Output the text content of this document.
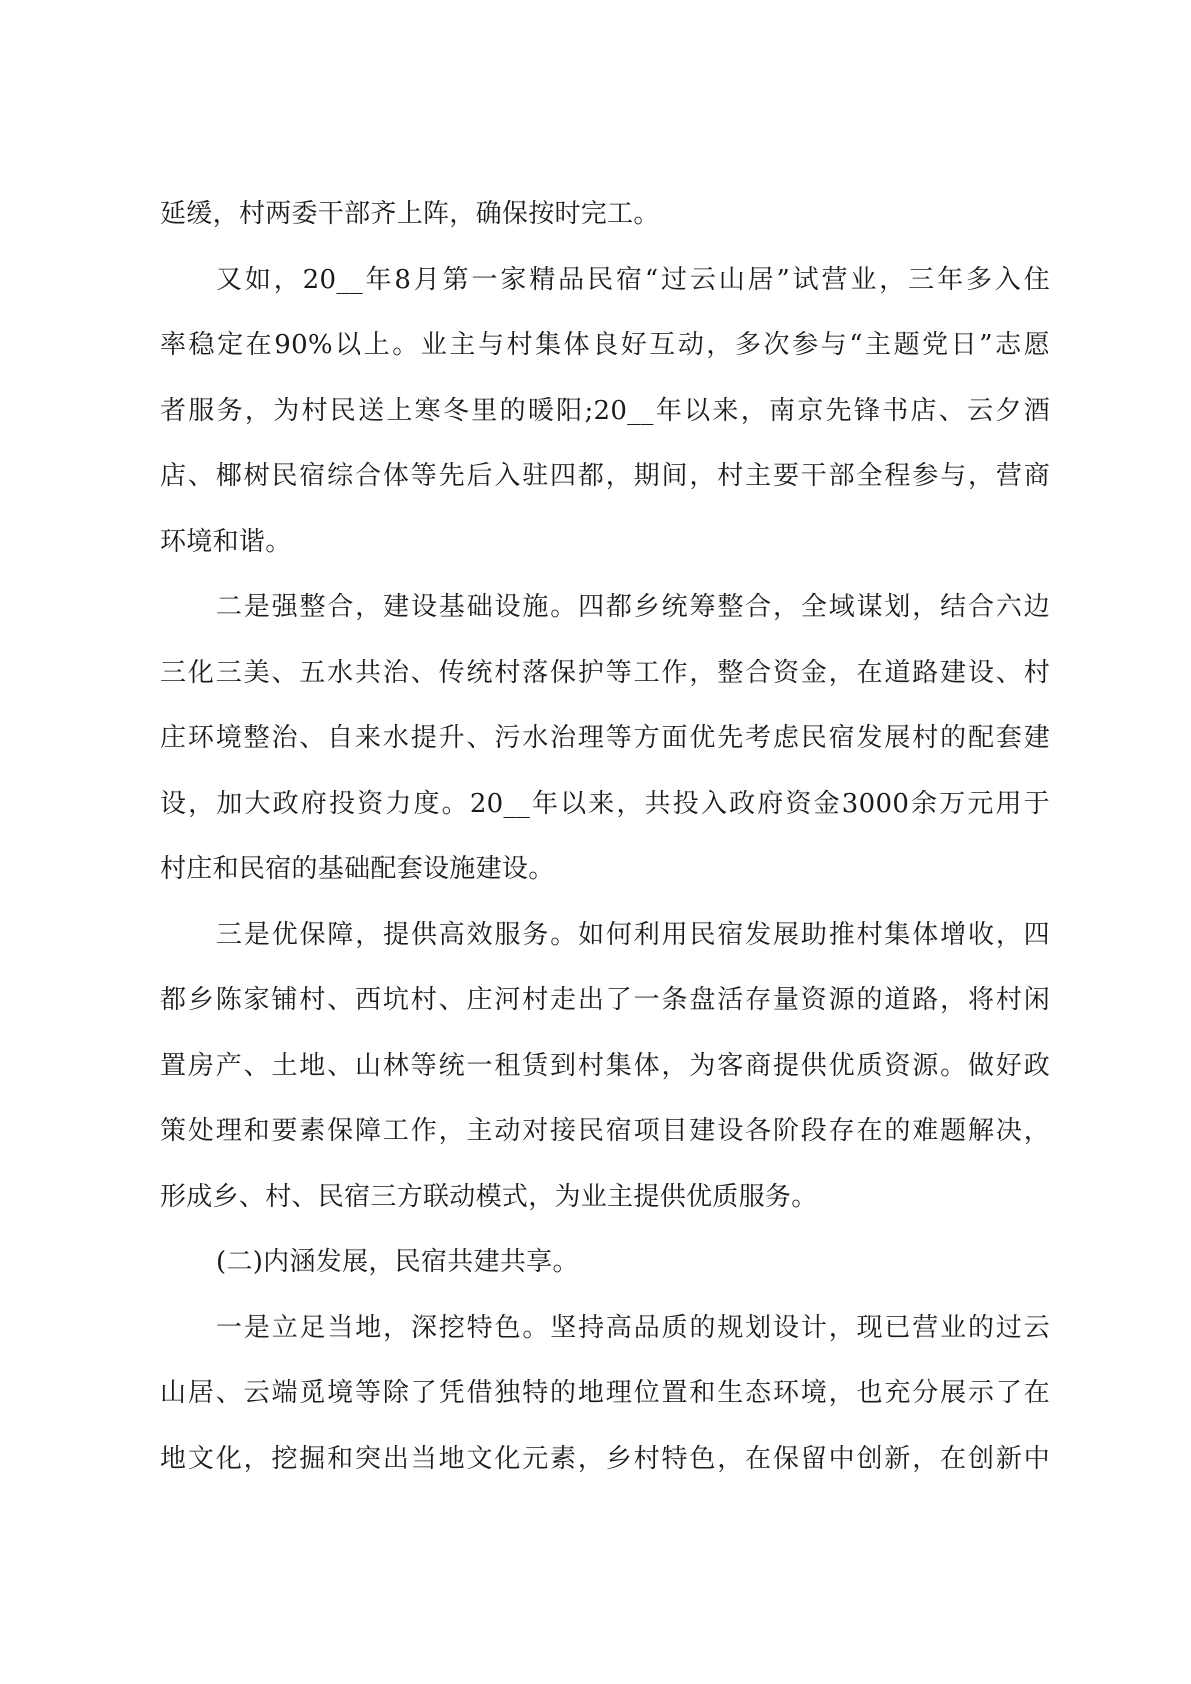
延缓，村两委干部齐上阵，确保按时完工。
又如，20__年8月第一家精品民宿“过云山居”试营业，三年多入住
率稳定在90%以上。业主与村集体良好互动，多次参与“主题党日”志愿
者服务，为村民送上寒冬里的暖阳;20__年以来，南京先锋书店、云夕酒
店、椰树民宿综合体等先后入驻四都，期间，村主要干部全程参与，营商
环境和谐。
二是强整合，建设基础设施。四都乡统筹整合，全域谋划，结合六边
三化三美、五水共治、传统村落保护等工作，整合资金，在道路建设、村
庄环境整治、自来水提升、污水治理等方面优先考虑民宿发展村的配套建
设，加大政府投资力度。20__年以来，共投入政府资金3000余万元用于
村庄和民宿的基础配套设施建设。
三是优保障，提供高效服务。如何利用民宿发展助推村集体增收，四
都乡陈家铺村、西坑村、庄河村走出了一条盘活存量资源的道路，将村闲
置房产、土地、山林等统一租赁到村集体，为客商提供优质资源。做好政
策处理和要素保障工作，主动对接民宿项目建设各阶段存在的难题解决，
形成乡、村、民宿三方联动模式，为业主提供优质服务。
(二)内涵发展，民宿共建共享。
一是立足当地，深挖特色。坚持高品质的规划设计，现已营业的过云
山居、云端觅境等除了凭借独特的地理位置和生态环境，也充分展示了在
地文化，挖掘和突出当地文化元素，乡村特色，在保留中创新，在创新中
